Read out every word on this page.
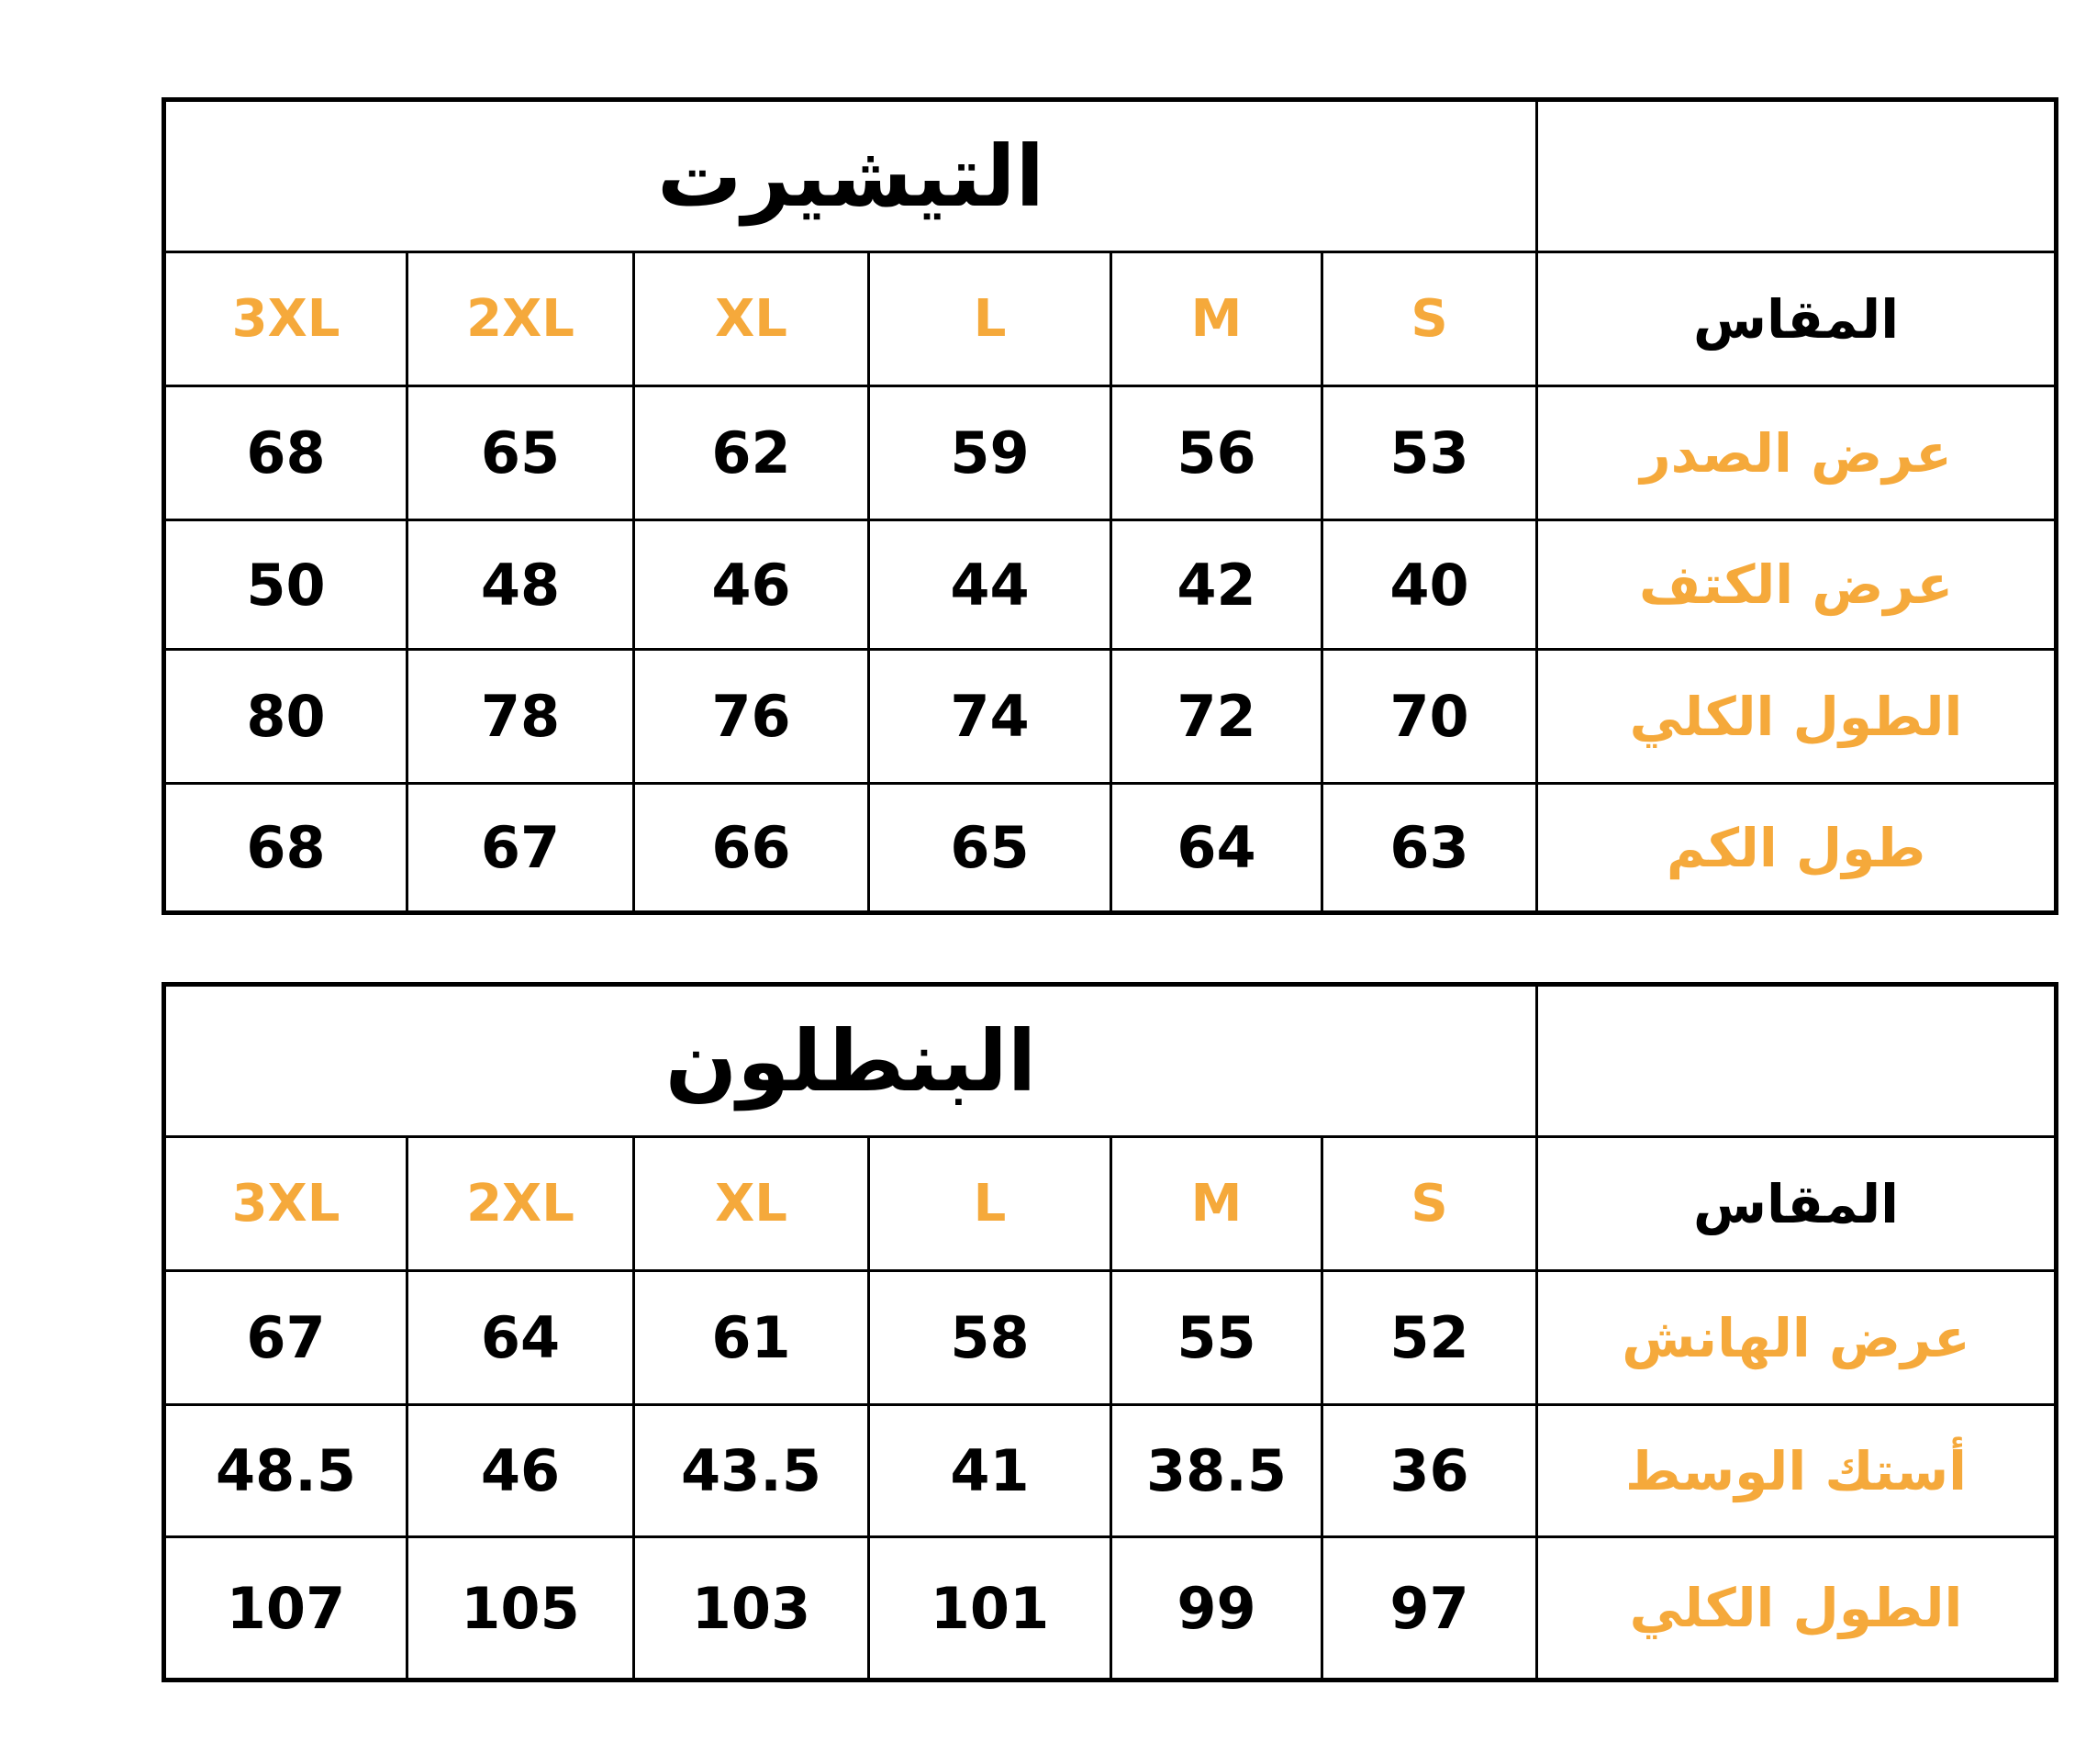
	التيشيرت					
المقاس	S	M	L	XL	2XL	3XL
عرض الصدر	53	56	59	62	65	68
عرض الكتف	40	42	44	46	48	50
الطول الكلي	70	72	74	76	78	80
طول الكم	63	64	65	66	67	68
	البنطلون					
المقاس	S	M	L	XL	2XL	3XL
عرض الهانش	52	55	58	61	64	67
أستك الوسط	36	38.5	41	43.5	46	48.5
الطول الكلي	97	99	101	103	105	107
